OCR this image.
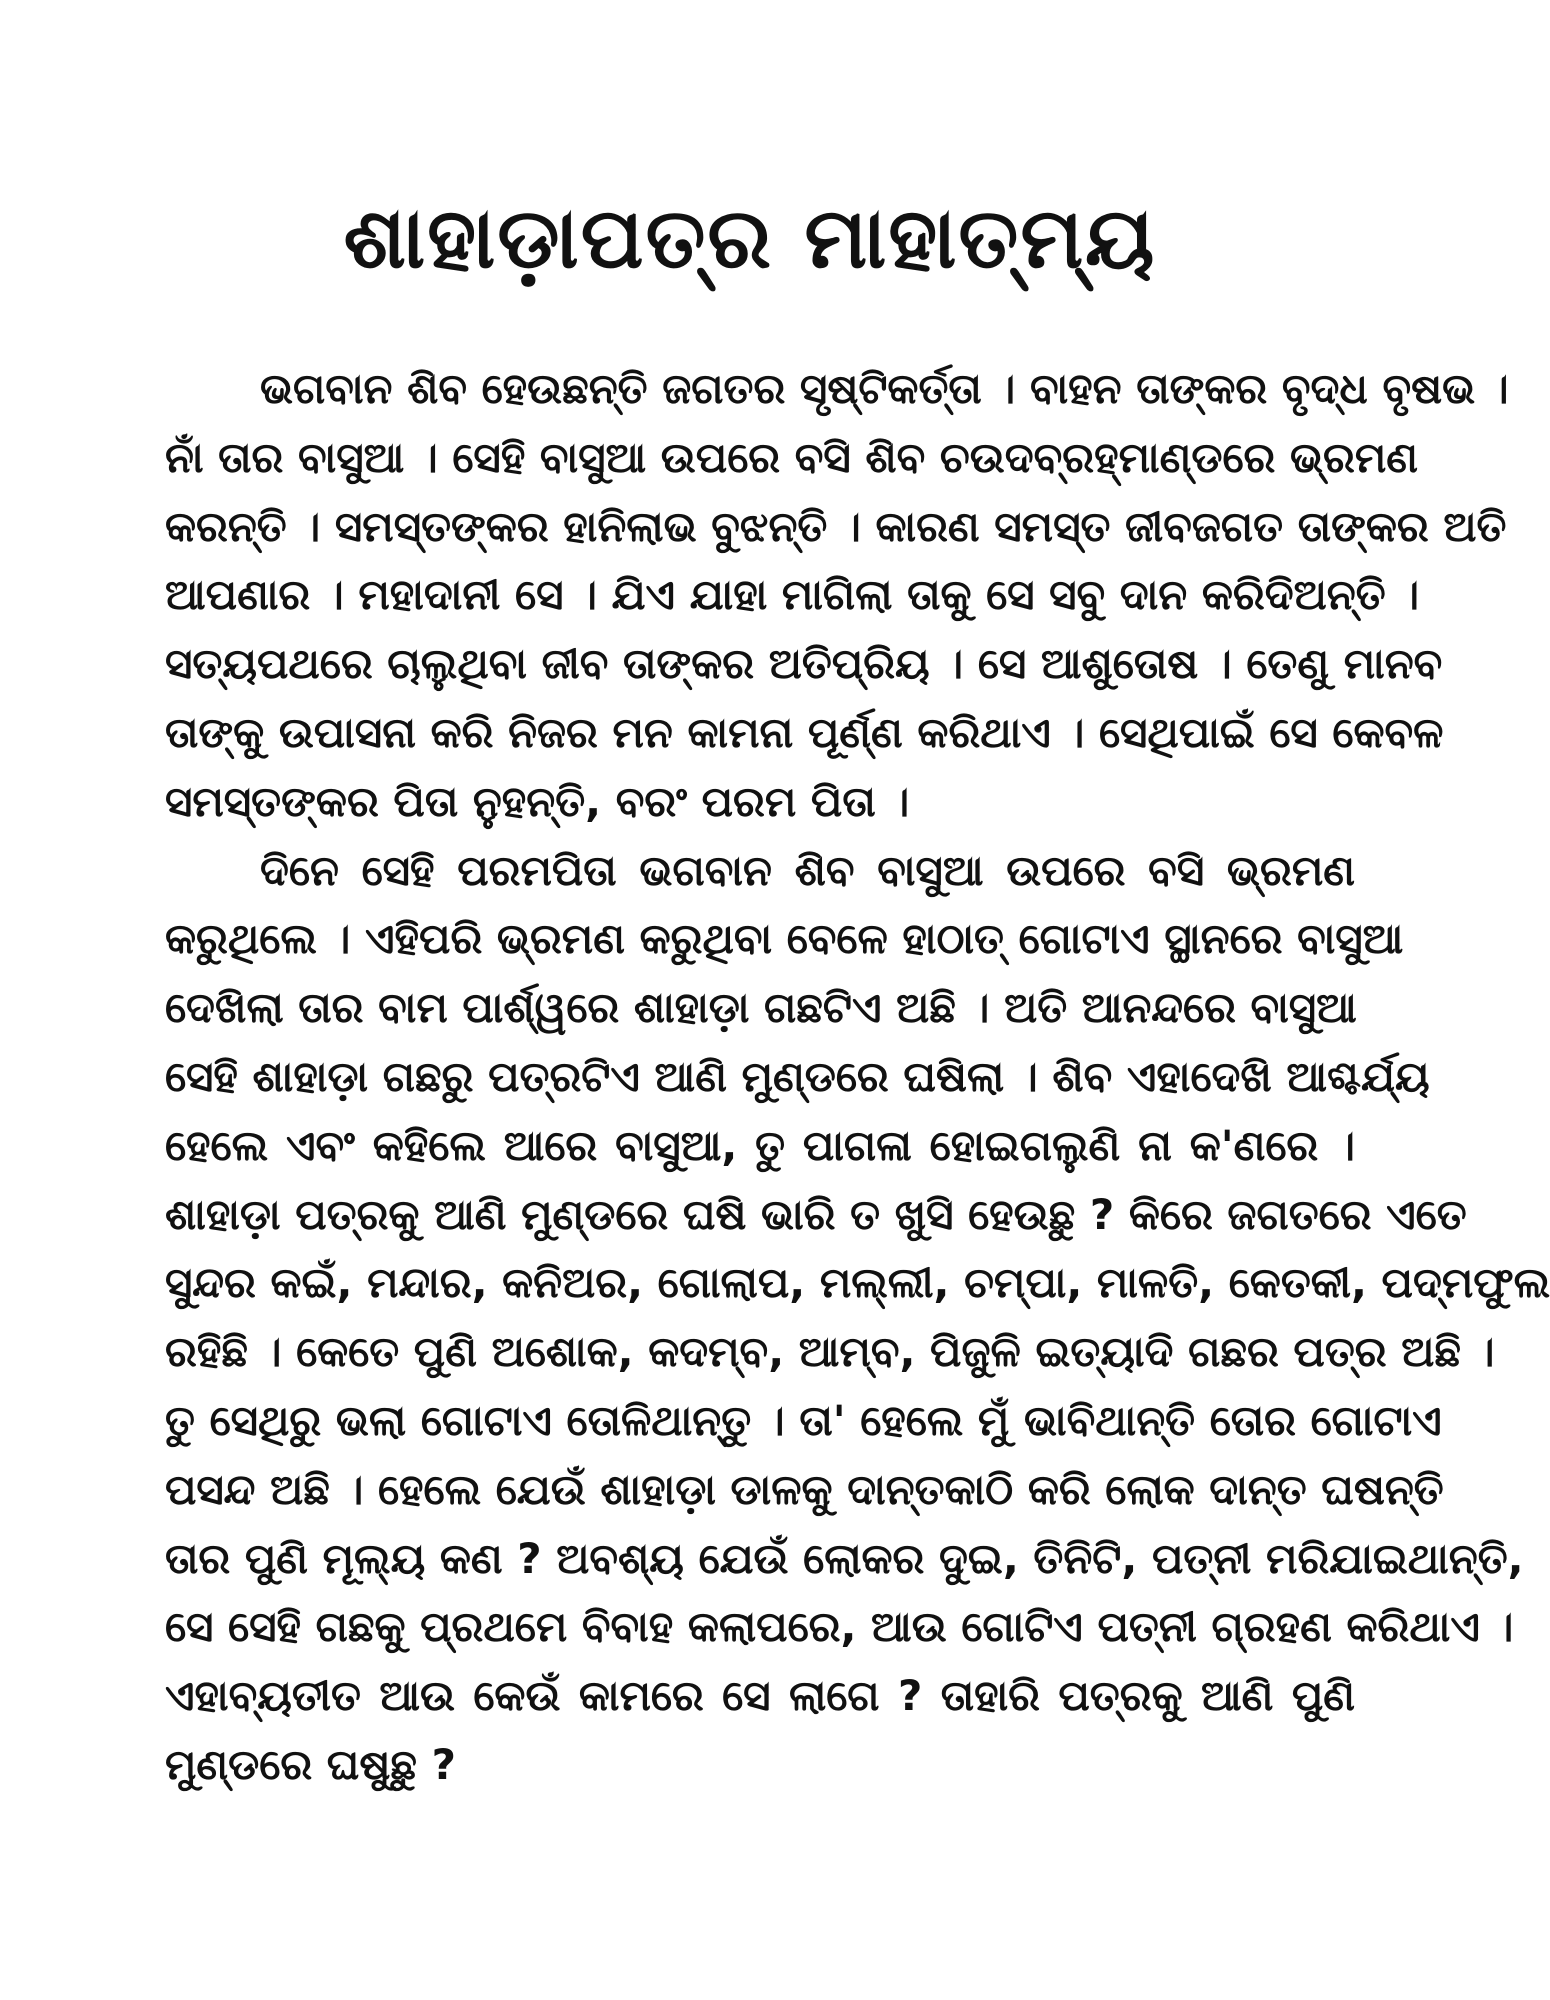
ଶାହାଡ଼ାପତ୍ର ମାହାତ୍ମ୍ୟ
ଭଗବାନ ଶିବ ହେଉଛନ୍ତି ଜଗତର ସୃଷ୍ଟିକର୍ତ୍ତା । ବାହନ ତାଙ୍କର ବୃଦ୍ଧ ବୃଷଭ ।
ନାଁ ତାର ବାସୁଆ । ସେହି ବାସୁଆ ଉପରେ ବସି ଶିବ ଚଉଦବ୍ରହ୍ମାଣ୍ଡରେ ଭ୍ରମଣ
କରନ୍ତି । ସମସ୍ତଙ୍କର ହାନିଲାଭ ବୁଝନ୍ତି । କାରଣ ସମସ୍ତ ଜୀବଜଗତ ତାଙ୍କର ଅତି
ଆପଣାର । ମହାଦାନୀ ସେ । ଯିଏ ଯାହା ମାଗିଲା ତାକୁ ସେ ସବୁ ଦାନ କରିଦିଅନ୍ତି ।
ସତ୍ୟପଥରେ ଚାଲୁଥିବା ଜୀବ ତାଙ୍କର ଅତିପ୍ରିୟ । ସେ ଆଶୁତୋଷ । ତେଣୁ ମାନବ
ତାଙ୍କୁ ଉପାସନା କରି ନିଜର ମନ କାମନା ପୂର୍ଣ୍ଣ କରିଥାଏ । ସେଥିପାଇଁ ସେ କେବଳ
ସମସ୍ତଙ୍କର ପିତା ନୁହନ୍ତି, ବରଂ ପରମ ପିତା ।
ଦିନେ ସେହି ପରମପିତା ଭଗବାନ ଶିବ ବାସୁଆ ଉପରେ ବସି ଭ୍ରମଣ
କରୁଥିଲେ । ଏହିପରି ଭ୍ରମଣ କରୁଥିବା ବେଳେ ହାଠାତ୍ ଗୋଟାଏ ସ୍ଥାନରେ ବାସୁଆ
ଦେଖିଲା ତାର ବାମ ପାର୍ଶ୍ୱରେ ଶାହାଡ଼ା ଗଛଟିଏ ଅଛି । ଅତି ଆନନ୍ଦରେ ବାସୁଆ
ସେହି ଶାହାଡ଼ା ଗଛରୁ ପତ୍ରଟିଏ ଆଣି ମୁଣ୍ଡରେ ଘଷିଲା । ଶିବ ଏହାଦେଖି ଆଶ୍ଚର୍ଯ୍ୟ
ହେଲେ ଏବଂ କହିଲେ ଆରେ ବାସୁଆ, ତୁ ପାଗଳା ହୋଇଗଲୁଣି ନା କ'ଣରେ ।
ଶାହାଡ଼ା ପତ୍ରକୁ ଆଣି ମୁଣ୍ଡରେ ଘଷି ଭାରି ତ ଖୁସି ହେଉଛୁ ? କିରେ ଜଗତରେ ଏତେ
ସୁନ୍ଦର କଇଁ, ମନ୍ଦାର, କନିଅର, ଗୋଲାପ, ମଲ୍ଲୀ, ଚମ୍ପା, ମାଳତି, କେତକୀ, ପଦ୍ମଫୁଲ
ରହିଛି । କେତେ ପୁଣି ଅଶୋକ, କଦମ୍ବ, ଆମ୍ବ, ପିଜୁଳି ଇତ୍ୟାଦି ଗଛର ପତ୍ର ଅଛି ।
ତୁ ସେଥିରୁ ଭଲା ଗୋଟାଏ ତୋଳିଥାନ୍ତୁ । ତା' ହେଲେ ମୁଁ ଭାବିଥାନ୍ତି ତୋର ଗୋଟାଏ
ପସନ୍ଦ ଅଛି । ହେଲେ ଯେଉଁ ଶାହାଡ଼ା ଡାଳକୁ ଦାନ୍ତକାଠି କରି ଲୋକ ଦାନ୍ତ ଘଷନ୍ତି
ତାର ପୁଣି ମୂଲ୍ୟ କଣ ? ଅବଶ୍ୟ ଯେଉଁ ଲୋକର ଦୁଇ, ତିନିଟି, ପତ୍ନୀ ମରିଯାଇଥାନ୍ତି,
ସେ ସେହି ଗଛକୁ ପ୍ରଥମେ ବିବାହ କଲାପରେ, ଆଉ ଗୋଟିଏ ପତ୍ନୀ ଗ୍ରହଣ କରିଥାଏ ।
ଏହାବ୍ୟତୀତ ଆଉ କେଉଁ କାମରେ ସେ ଲାଗେ ? ତାହାରି ପତ୍ରକୁ ଆଣି ପୁଣି
ମୁଣ୍ଡରେ ଘଷୁଛୁ ?
